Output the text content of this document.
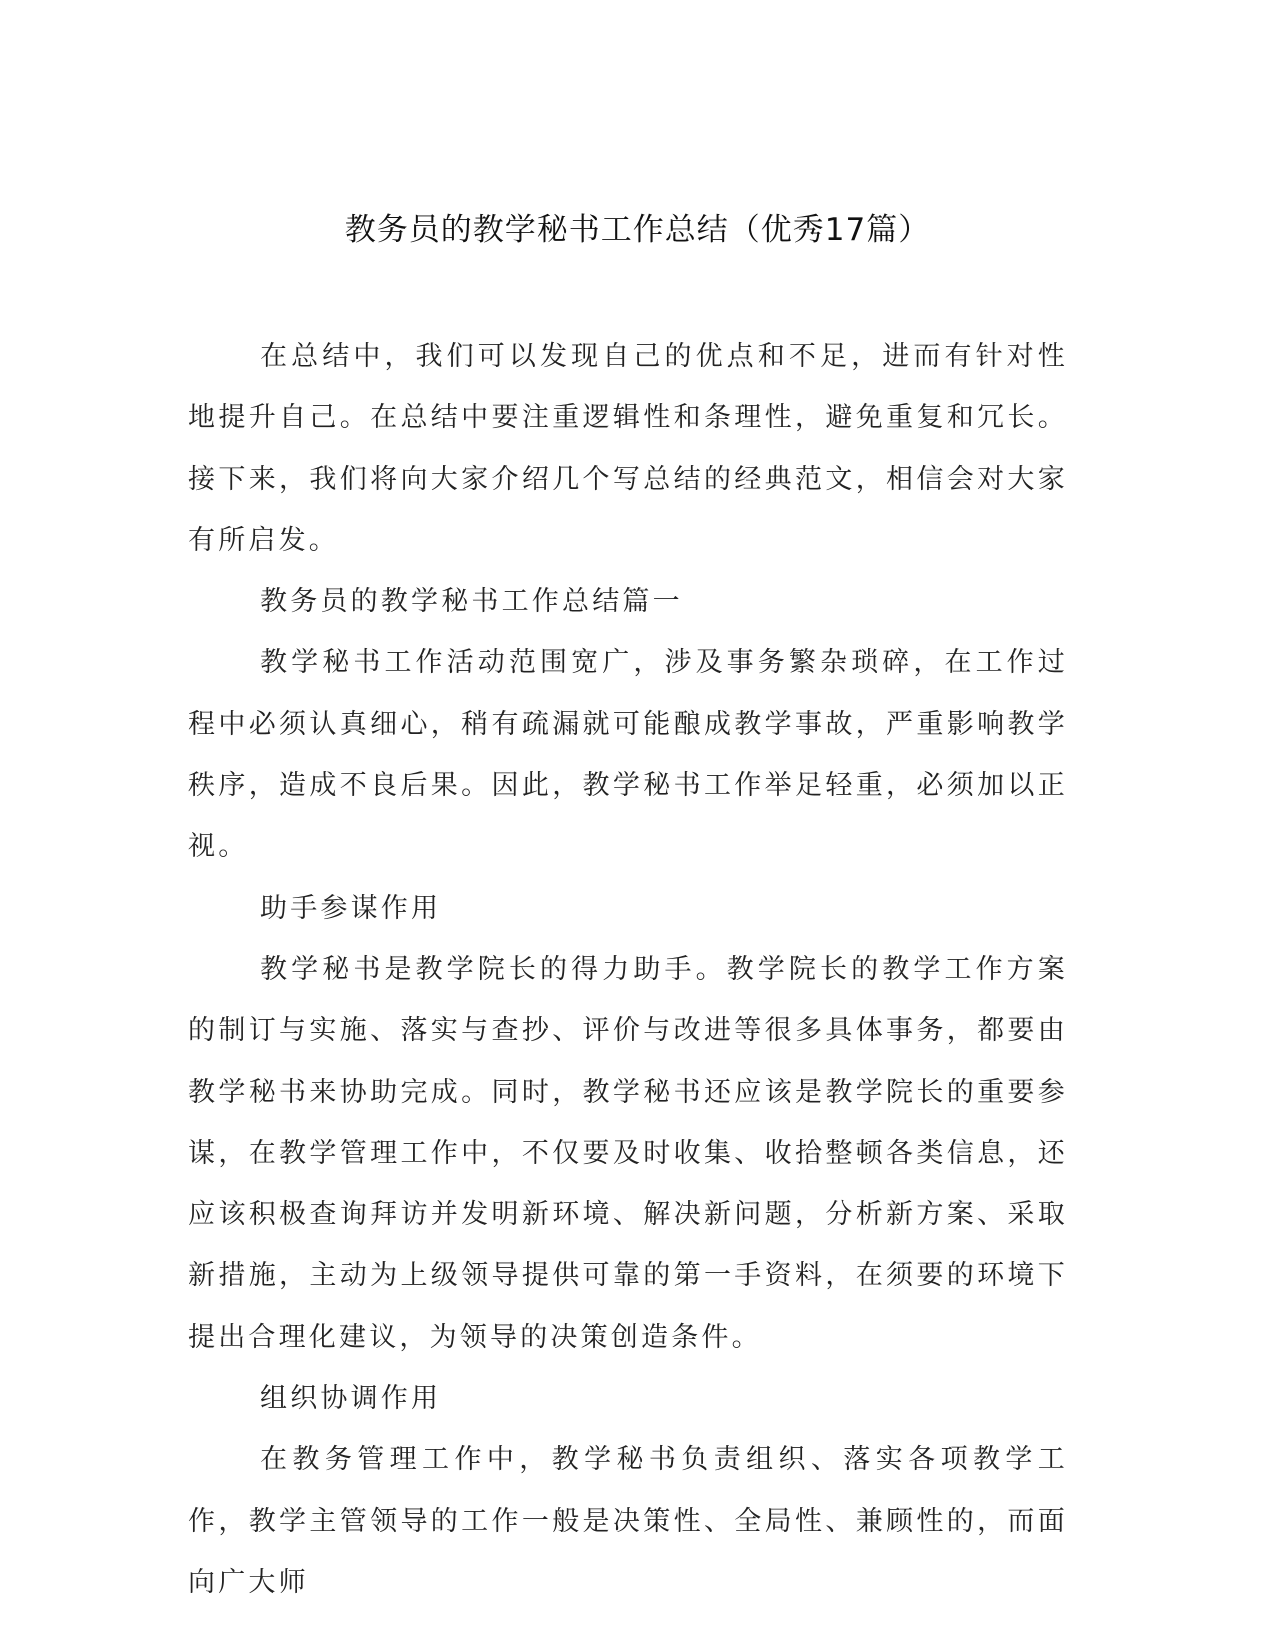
教务员的教学秘书工作总结（优秀17篇）

在总结中，我们可以发现自己的优点和不足，进而有针对性地提升自己。在总结中要注重逻辑性和条理性，避免重复和冗长。接下来，我们将向大家介绍几个写总结的经典范文，相信会对大家有所启发。

教务员的教学秘书工作总结篇一

教学秘书工作活动范围宽广，涉及事务繁杂琐碎，在工作过程中必须认真细心，稍有疏漏就可能酿成教学事故，严重影响教学秩序，造成不良后果。因此，教学秘书工作举足轻重，必须加以正视。

助手参谋作用

教学秘书是教学院长的得力助手。教学院长的教学工作方案的制订与实施、落实与查抄、评价与改进等很多具体事务，都要由教学秘书来协助完成。同时，教学秘书还应该是教学院长的重要参谋，在教学管理工作中，不仅要及时收集、收拾整顿各类信息，还应该积极查询拜访并发明新环境、解决新问题，分析新方案、采取新措施，主动为上级领导提供可靠的第一手资料，在须要的环境下提出合理化建议，为领导的决策创造条件。

组织协调作用

在教务管理工作中，教学秘书负责组织、落实各项教学工作，教学主管领导的工作一般是决策性、全局性、兼顾性的，而面向广大师
